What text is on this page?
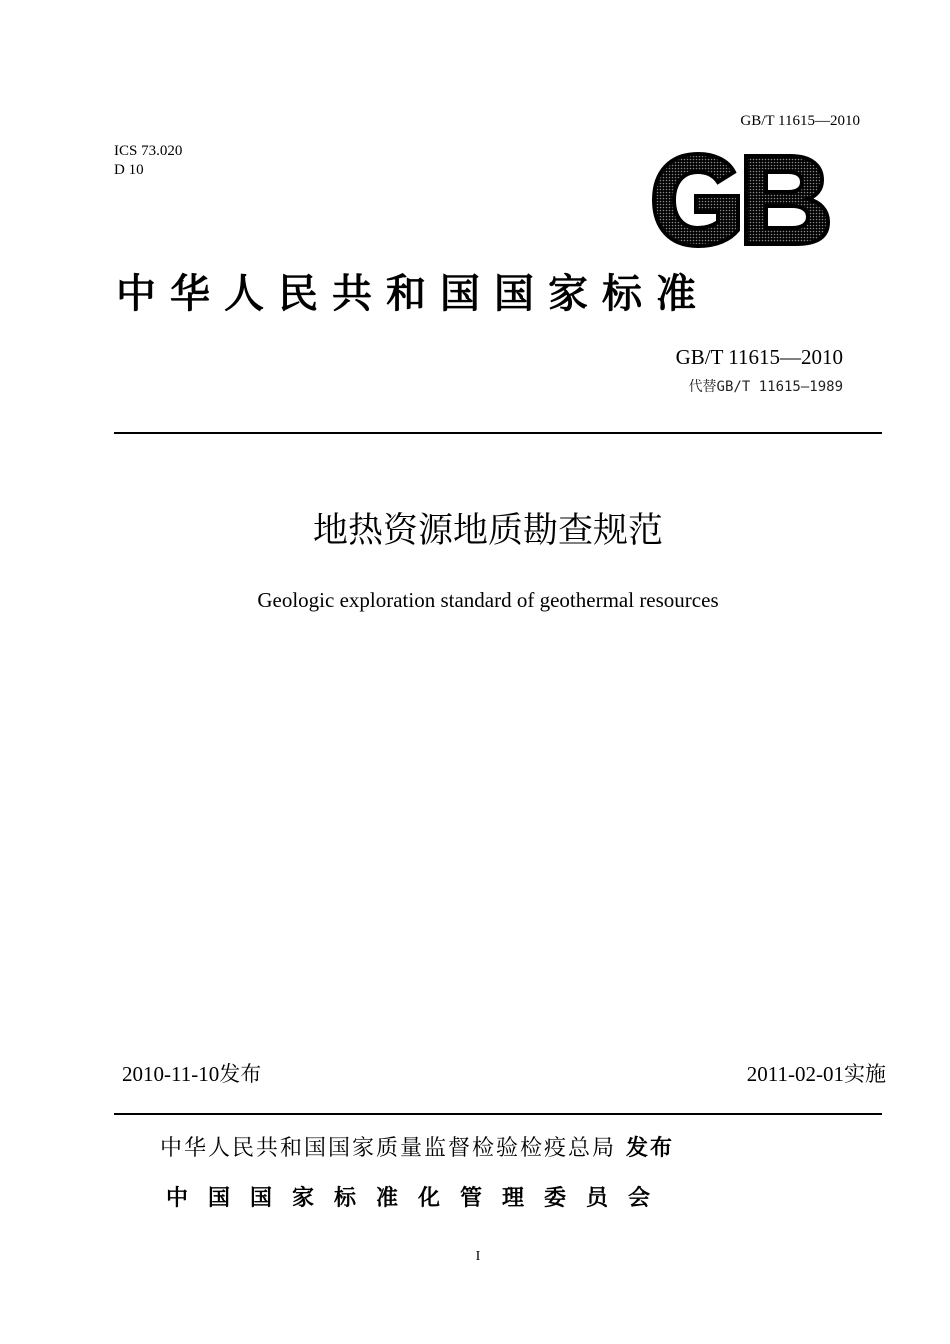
GB/T 11615—2010
ICS 73.020
D 10
中华人民共和国国家标准
GB/T 11615—2010
代替GB/T 11615—1989
地热资源地质勘查规范
Geologic exploration standard of geothermal resources
2010-11-10发布	2011-02-01实施
中华人民共和国国家质量监督检验检疫总局 发布
中国国家标准化管理委员会
I
